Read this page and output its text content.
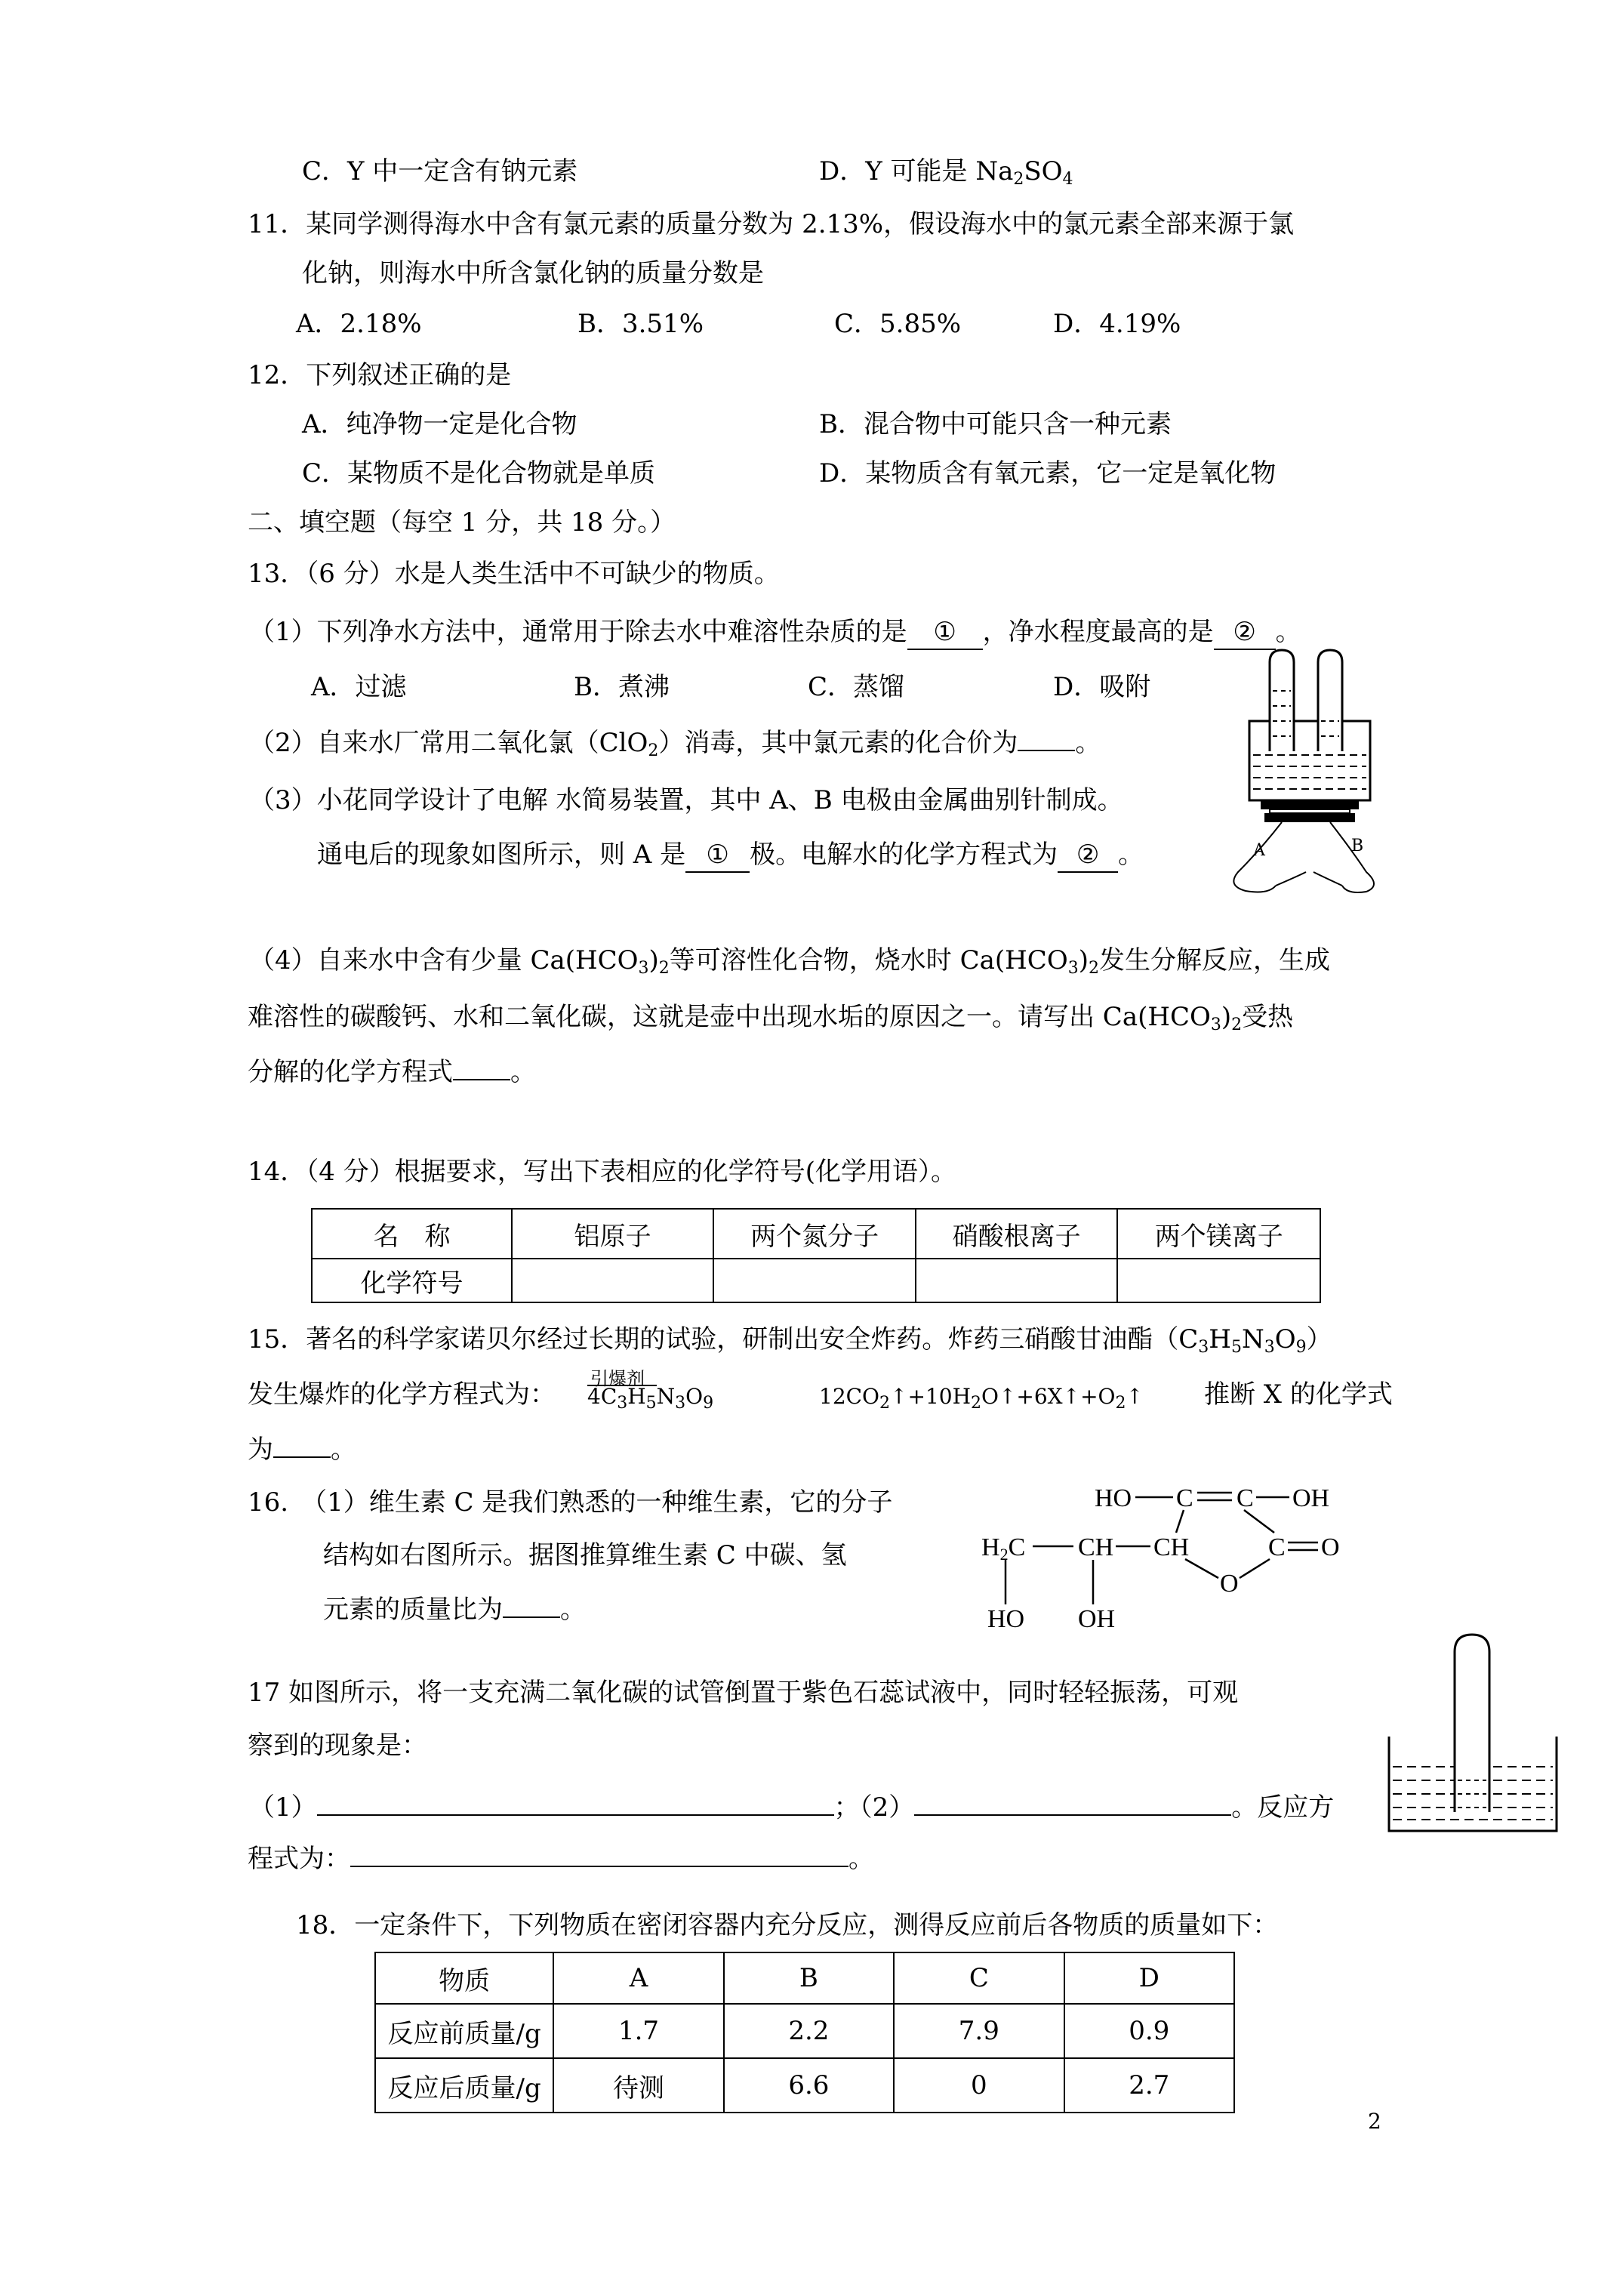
C．Y 中一定含有钠元素	D．Y 可能是 $Na_2SO_4$
11．某同学测得海水中含有氯元素的质量分数为 2.13%，假设海水中的氯元素全部来源于氯
化钠，则海水中所含氯化钠的质量分数是
A．2.18%	B．3.51%	C．5.85%	D．4.19%
12．下列叙述正确的是
A．纯净物一定是化合物	B．混合物中可能只含一种元素
C．某物质不是化合物就是单质	D．某物质含有氧元素，它一定是氧化物
二、填空题（每空 1 分，共 18 分。）
13．（6 分）水是人类生活中不可缺少的物质。
（1）下列净水方法中，通常用于除去水中难溶性杂质的是 ① ，净水程度最高的是 ② 。
A．过滤	B．煮沸	C．蒸馏	D．吸附
（2）自来水厂常用二氧化氯（ClO$_2$）消毒，其中氯元素的化合价为 。
（3）小花同学设计了电解 水简易装置，其中 A、B 电极由金属曲别针制成。
通电后的现象如图所示，则 A 是 ① 极。电解水的化学方程式为 ② 。	A	B
（4）自来水中含有少量 $Ca(HCO_3)_2$等可溶性化合物，烧水时 $Ca(HCO_3)_2$发生分解反应，生成
难溶性的碳酸钙、水和二氧化碳，这就是壶中出现水垢的原因之一。请写出 $Ca(HCO_3)_2$受热
分解的化学方程式 。
14．（4 分）根据要求，写出下表相应的化学符号(化学用语）。
名　称	铝原子	两个氮分子	硝酸根离子	两个镁离子
化学符号				
15．著名的科学家诺贝尔经过长期的试验，研制出安全炸药。炸药三硝酸甘油酯$(C_3H_5N_3O_9)$
发生爆炸的化学方程式为：
引爆剂
$4C_3H_5N_3O_9$	$12CO_2↑+10H_2O↑+6X↑+O_2↑$ 推断 X 的化学式
为 。
16.　（1）维生素 C 是我们熟悉的一种维生素，它的分子
结构如右图所示。据图推算维生素 C 中碳、氢
元素的质量比为 。
HO C C OH
H2C CH CH	C O
O
HO OH
17 如图所示，将一支充满二氧化碳的试管倒置于紫色石蕊试液中，同时轻轻振荡，可观
察到的现象是：
（1）	；（2）	。反应方
程式为：	。
18．一定条件下，下列物质在密闭容器内充分反应，测得反应前后各物质的质量如下：
物质	A	B	C	D
反应前质量/g	1.7	2.2	7.9	0.9
反应后质量/g	待测	6.6	0	2.7
2
